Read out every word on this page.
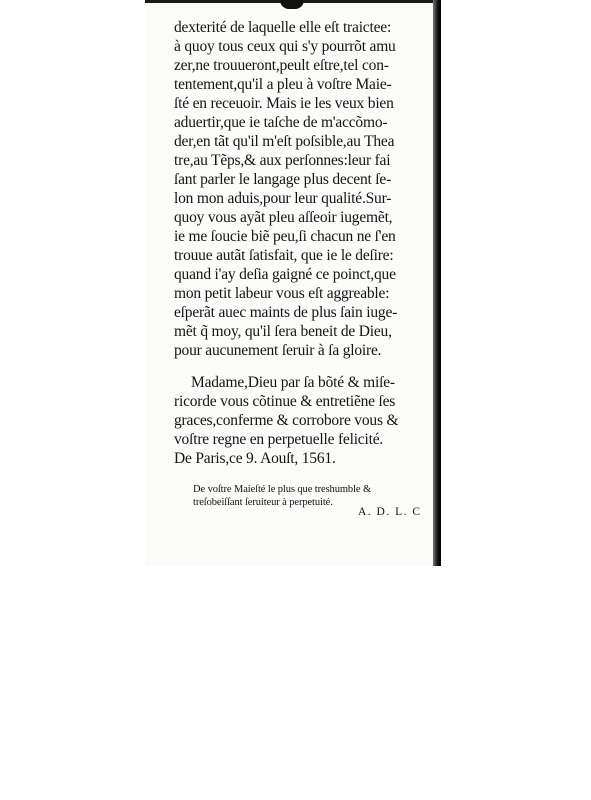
dexterité de laquelle elle eſt traictee:
à quoy tous ceux qui s'y pourrõt amu
zer,ne trouueront,peult eſtre,tel con-
tentement,qu'il a pleu à voſtre Maie-
ſté en receuoir. Mais ie les veux bien
aduertir,que ie taſche de m'accõmo-
der,en tãt qu'il m'eſt poſsible,au Thea
tre,au Tẽps,& aux perſonnes:leur fai
ſant parler le langage plus decent ſe-
lon mon aduis,pour leur qualité.Sur-
quoy vous ayãt pleu aſſeoir iugemẽt,
ie me ſoucie biẽ peu,ſi chacun ne ſ'en
trouue autãt ſatisfait, que ie le deſire:
quand i'ay deſia gaigné ce poinct,que
mon petit labeur vous eſt aggreable:
eſperãt auec maints de plus ſain iuge-
mẽt q̃ moy, qu'il ſera beneit de Dieu,
pour aucunement ſeruir à ſa gloire.
Madame,Dieu par ſa bõté & miſe-
ricorde vous cõtinue & entretiẽne ſes
graces,conferme & corrobore vous &
voſtre regne en perpetuelle felicité.
De Paris,ce 9. Aouſt, 1561.
De voſtre Maieſté le plus que treshumble &
treſobeiſſant ſeruiteur à perpetuité.
A. D. L. C
